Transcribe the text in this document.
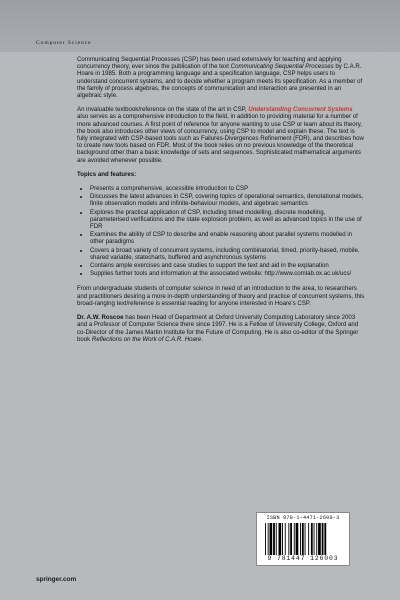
Computer Science

Communicating Sequential Processes (CSP) has been used extensively for teaching and applying concurrency theory, ever since the publication of the text Communicating Sequential Processes by C.A.R. Hoare in 1985. Both a programming language and a specification language, CSP helps users to understand concurrent systems, and to decide whether a program meets its specification. As a member of the family of process algebras, the concepts of communication and interaction are presented in an algebraic style.

An invaluable textbook/reference on the state of the art in CSP, Understanding Concurrent Systems also serves as a comprehensive introduction to the field, in addition to providing material for a number of more advanced courses. A first point of reference for anyone wanting to use CSP or learn about its theory, the book also introduces other views of concurrency, using CSP to model and explain these. The text is fully integrated with CSP-based tools such as Failures-Divergences Refinement (FDR), and describes how to create new tools based on FDR. Most of the book relies on no previous knowledge of the theoretical background other than a basic knowledge of sets and sequences. Sophisticated mathematical arguments are avoided whenever possible.

Topics and features:

• Presents a comprehensive, accessible introduction to CSP
• Discusses the latest advances in CSP, covering topics of operational semantics, denotational models, finite observation models and infinite-behaviour models, and algebraic semantics
• Explores the practical application of CSP, including timed modelling, discrete modelling, parameterised verifications and the state explosion problem, as well as advanced topics in the use of FDR
• Examines the ability of CSP to describe and enable reasoning about parallel systems modelled in other paradigms
• Covers a broad variety of concurrent systems, including combinatorial, timed, priority-based, mobile, shared variable, statecharts, buffered and asynchronous systems
• Contains ample exercises and case studies to support the text and aid in the explanation
• Supplies further tools and information at the associated website: http://www.comlab.ox.ac.uk/ucs/

From undergraduate students of computer science in need of an introduction to the area, to researchers and practitioners desiring a more in-depth understanding of theory and practice of concurrent systems, this broad-ranging text/reference is essential reading for anyone interested in Hoare's CSP.

Dr. A.W. Roscoe has been Head of Department at Oxford University Computing Laboratory since 2003 and a Professor of Computer Science there since 1997. He is a Fellow of University College, Oxford and co-Director of the James Martin Institute for the Future of Computing. He is also co-editor of the Springer book Reflections on the Work of C.A.R. Hoare.

ISBN 978-1-4471-2600-3
9 781447 126003
springer.com
